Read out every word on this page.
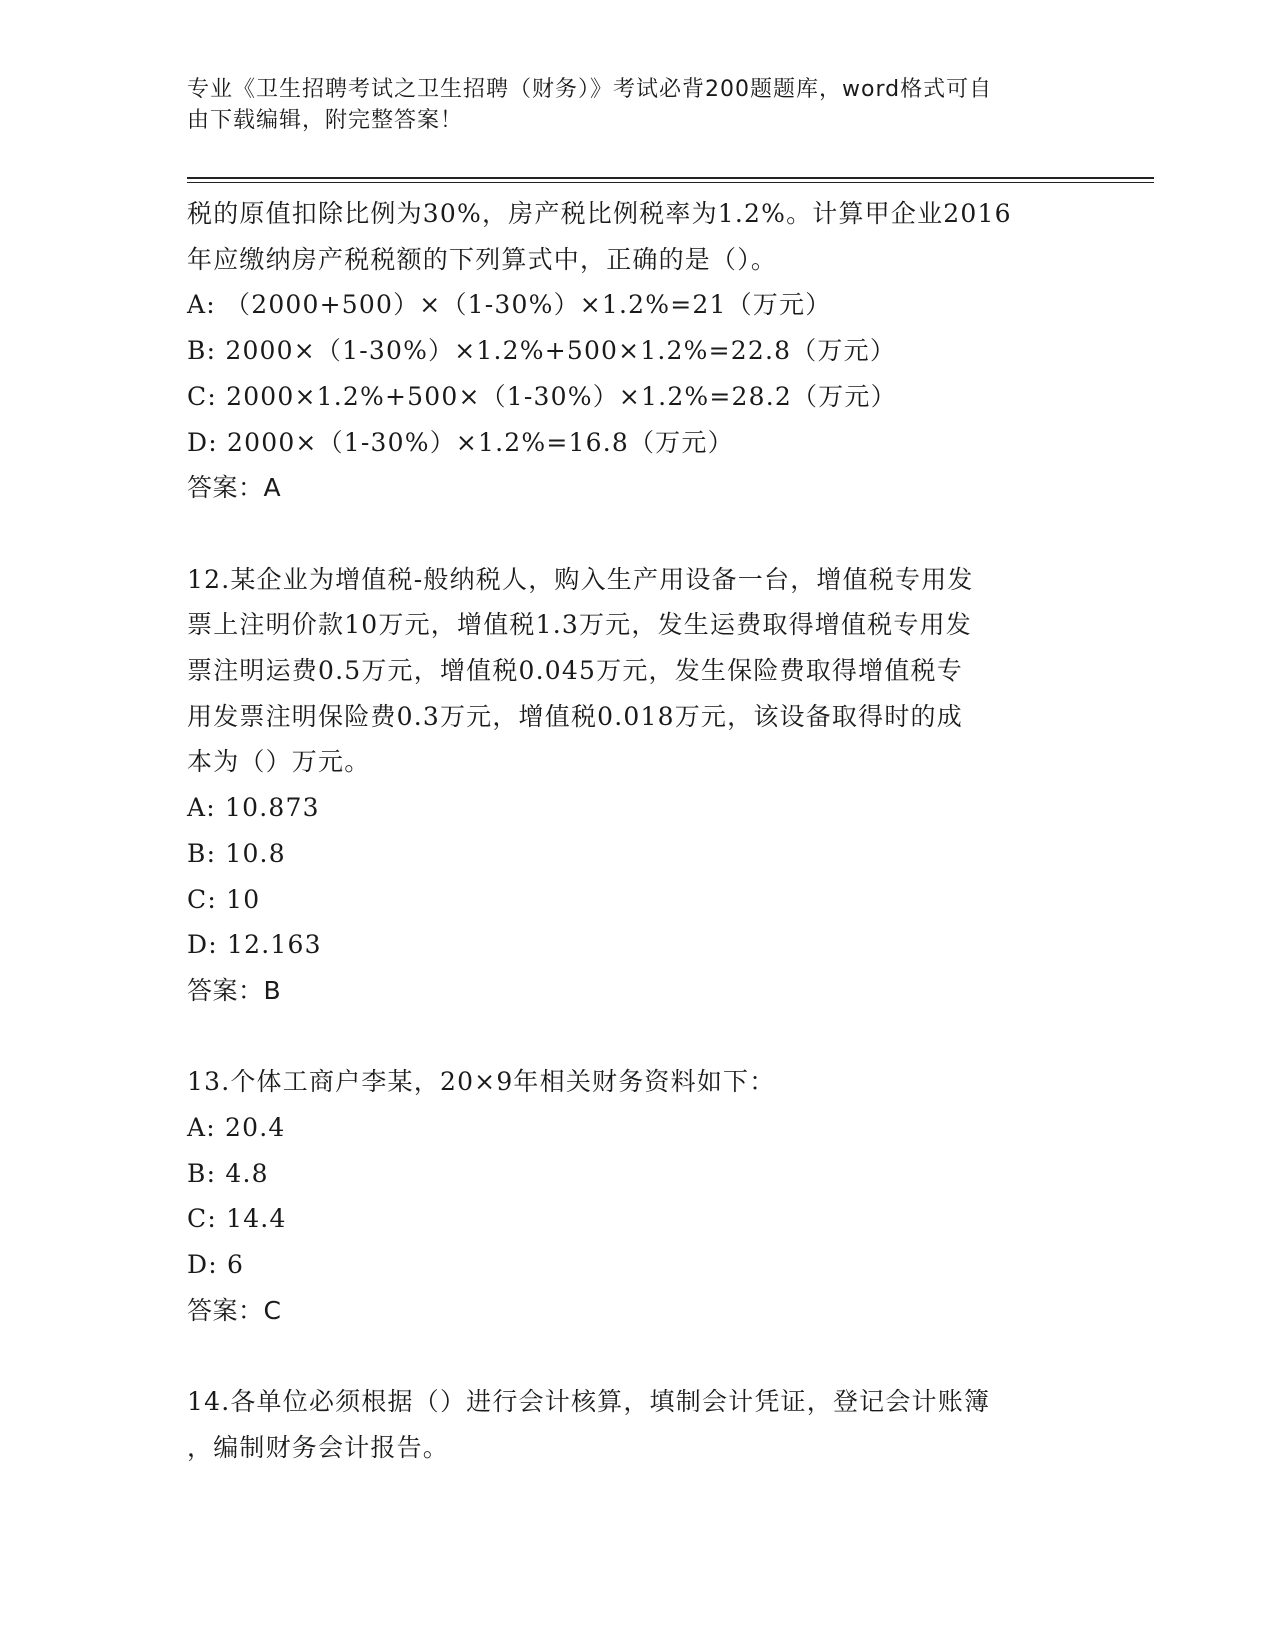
专业《卫生招聘考试之卫生招聘（财务）》考试必背200题题库，word格式可自
由下载编辑，附完整答案！
税的原值扣除比例为30%，房产税比例税率为1.2%。计算甲企业2016
年应缴纳房产税税额的下列算式中，正确的是（）。
A: （2000+500）×（1-30%）×1.2%=21（万元）
B: 2000×（1-30%）×1.2%+500×1.2%=22.8（万元）
C: 2000×1.2%+500×（1-30%）×1.2%=28.2（万元）
D: 2000×（1-30%）×1.2%=16.8（万元）
答案：A
12.某企业为增值税-般纳税人，购入生产用设备一台，增值税专用发
票上注明价款10万元，增值税1.3万元，发生运费取得增值税专用发
票注明运费0.5万元，增值税0.045万元，发生保险费取得增值税专
用发票注明保险费0.3万元，增值税0.018万元，该设备取得时的成
本为（）万元。
A: 10.873
B: 10.8
C: 10
D: 12.163
答案：B
13.个体工商户李某，20×9年相关财务资料如下：
A: 20.4
B: 4.8
C: 14.4
D: 6
答案：C
14.各单位必须根据（）进行会计核算，填制会计凭证，登记会计账簿
，编制财务会计报告。
